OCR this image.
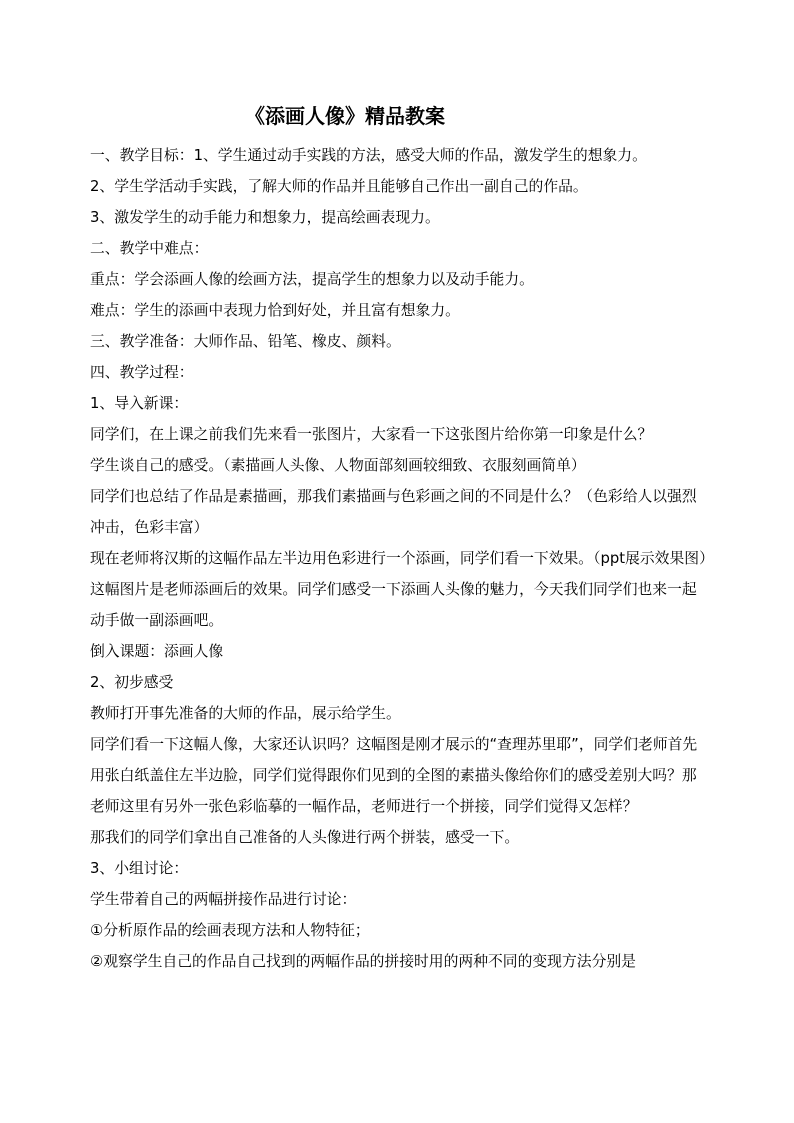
《添画人像》精品教案

一、教学目标：1、学生通过动手实践的方法，感受大师的作品，激发学生的想象力。

2、学生学活动手实践，了解大师的作品并且能够自己作出一副自己的作品。

3、激发学生的动手能力和想象力，提高绘画表现力。

二、教学中难点：

重点：学会添画人像的绘画方法，提高学生的想象力以及动手能力。

难点：学生的添画中表现力恰到好处，并且富有想象力。

三、教学准备：大师作品、铅笔、橡皮、颜料。

四、教学过程：

1、导入新课：

同学们，在上课之前我们先来看一张图片，大家看一下这张图片给你第一印象是什么？

学生谈自己的感受。（素描画人头像、人物面部刻画较细致、衣服刻画简单）

同学们也总结了作品是素描画，那我们素描画与色彩画之间的不同是什么？（色彩给人以强烈冲击，色彩丰富）

现在老师将汉斯的这幅作品左半边用色彩进行一个添画，同学们看一下效果。（ppt展示效果图）这幅图片是老师添画后的效果。同学们感受一下添画人头像的魅力，今天我们同学们也来一起动手做一副添画吧。

倒入课题：添画人像

2、初步感受

教师打开事先准备的大师的作品，展示给学生。

同学们看一下这幅人像，大家还认识吗？这幅图是刚才展示的“查理苏里耶”，同学们老师首先用张白纸盖住左半边脸，同学们觉得跟你们见到的全图的素描头像给你们的感受差别大吗？那老师这里有另外一张色彩临摹的一幅作品，老师进行一个拼接，同学们觉得又怎样？

那我们的同学们拿出自己准备的人头像进行两个拼装，感受一下。

3、小组讨论：

学生带着自己的两幅拼接作品进行讨论：

①分析原作品的绘画表现方法和人物特征；

②观察学生自己的作品自己找到的两幅作品的拼接时用的两种不同的变现方法分别是
